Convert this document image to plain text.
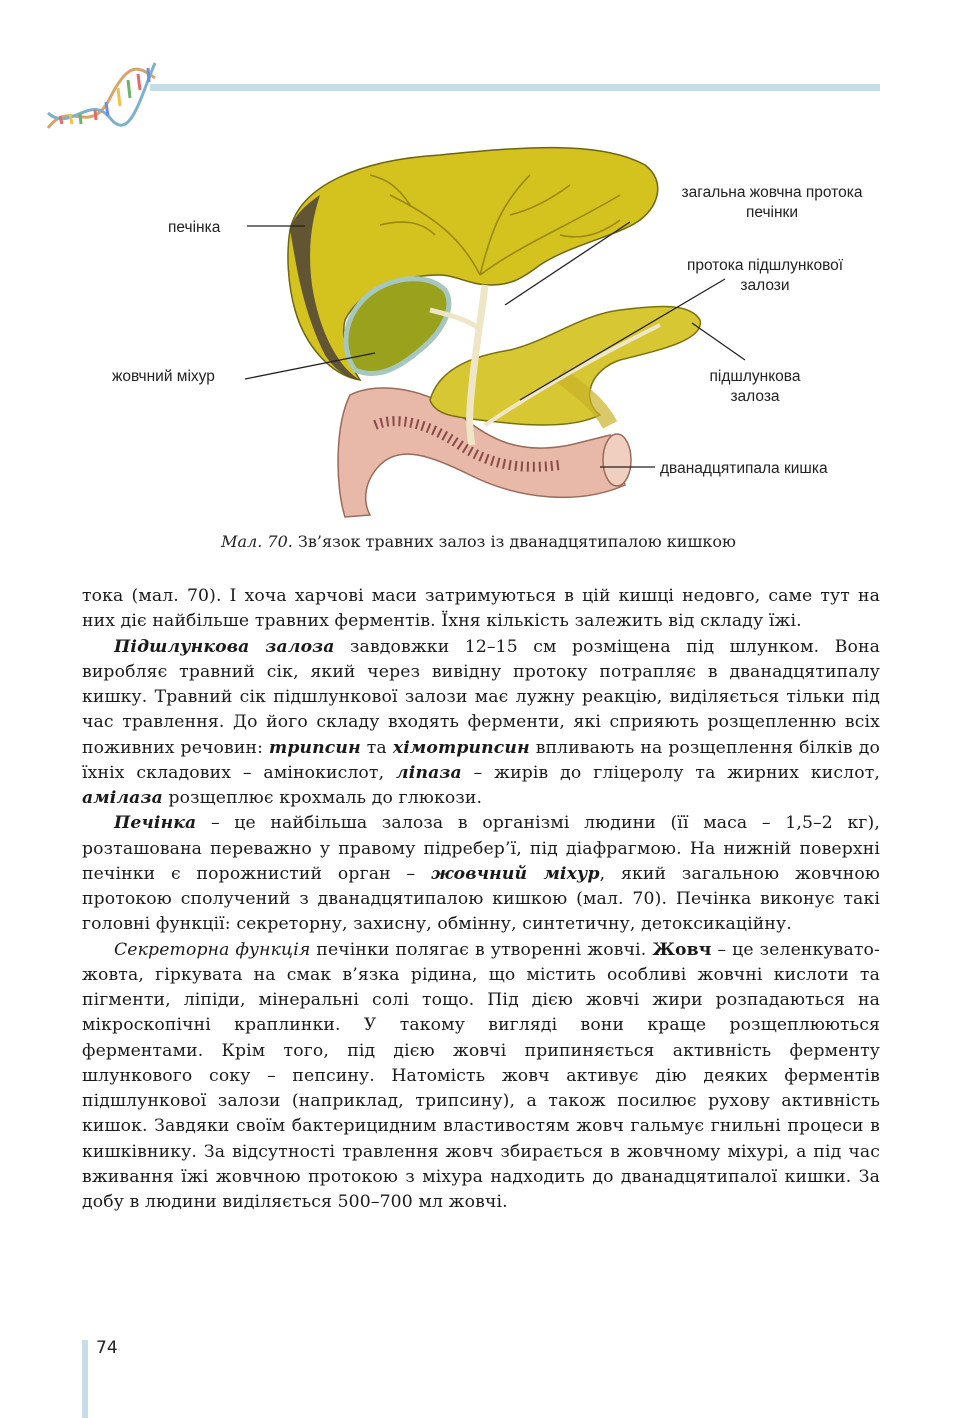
печінка
жовчний міхур
загальна жовчна протока
печінки
протока підшлункової
залози
підшлункова
залоза
дванадцятипала кишка
Мал. 70. Зв’язок травних залоз із дванадцятипалою кишкою

тока (мал. 70). І хоча харчові маси затримуються в цій кишці недовго, саме тут на них діє найбільше травних ферментів. Їхня кількість залежить від складу їжі.

Підшлункова залоза завдовжки 12–15 см розміщена під шлунком. Вона виробляє травний сік, який через вивідну протоку потрапляє в дванадцятипалу кишку. Травний сік підшлункової залози має лужну реакцію, виділяється тільки під час травлення. До його складу входять ферменти, які сприяють розщепленню всіх поживних речовин: трипсин та хімотрипсин впливають на розщеплення білків до їхніх складових – амінокислот, ліпаза – жирів до гліцеролу та жирних кислот, амілаза розщеплює крохмаль до глюкози.

Печінка – це найбільша залоза в організмі людини (її маса – 1,5–2 кг), розташована переважно у правому підребер’ї, під діафрагмою. На нижній поверхні печінки є порожнистий орган – жовчний міхур, який загальною жовчною протокою сполучений з дванадцятипалою кишкою (мал. 70). Печінка виконує такі головні функції: секреторну, захисну, обмінну, синтетичну, детоксикаційну.

Секреторна функція печінки полягає в утворенні жовчі. Жовч – це зеленкувато-жовта, гіркувата на смак в’язка рідина, що містить особливі жовчні кислоти та пігменти, ліпіди, мінеральні солі тощо. Під дією жовчі жири розпадаються на мікроскопічні краплинки. У такому вигляді вони краще розщеплюються ферментами. Крім того, під дією жовчі припиняється активність ферменту шлункового соку – пепсину. Натомість жовч активує дію деяких ферментів підшлункової залози (наприклад, трипсину), а також посилює рухову активність кишок. Завдяки своїм бактерицидним властивостям жовч гальмує гнильні процеси в кишківнику. За відсутності травлення жовч збирається в жовчному міхурі, а під час вживання їжі жовчною протокою з міхура надходить до дванадцятипалої кишки. За добу в людини виділяється 500–700 мл жовчі.

74
